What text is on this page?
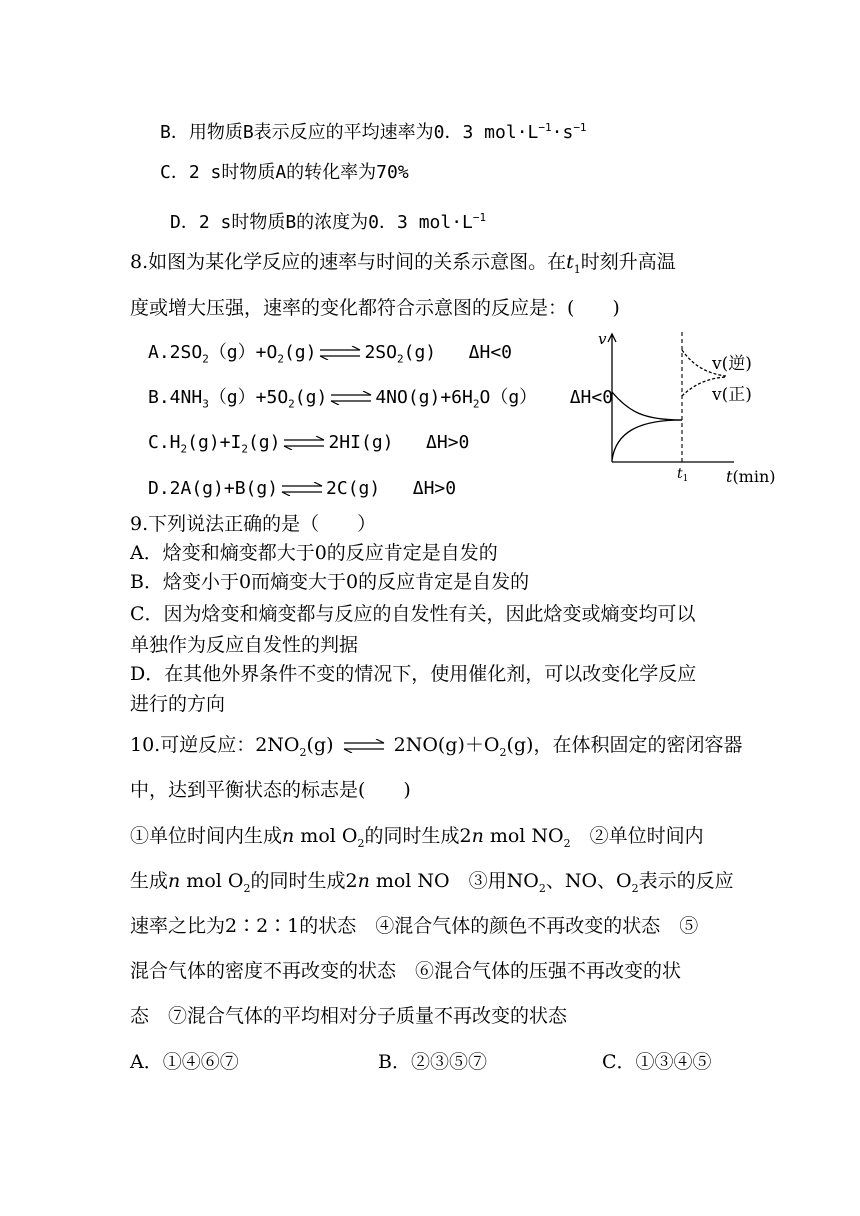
B．用物质B表示反应的平均速率为0．3 $mol\cdot L^{-1}\cdot s^{-1}$
C．2 s时物质A的转化率为70%
D．2 s时物质B的浓度为0．3 $mol\cdot L^{-1}$
8.如图为某化学反应的速率与时间的关系示意图。在$t_1$时刻升高温
度或增大压强，速率的变化都符合示意图的反应是：(　　)
$A.2SO_2(g)+O_2(g)$ ⇌ $2SO_2(g)$ ΔH<0
$B.4NH_3(g)+5O_2(g)$ ⇌ $4NO(g)+6H_2O(g)$ ΔH<0
$C.H_2(g)+I_2(g)$ ⇌ 2HI(g) ΔH>0
D.2A(g)+B(g) ⇌ 2C(g) ΔH>0
v
v(逆)
v(正)
$t_1$ t(min)
9.下列说法正确的是（　　）
A．焓变和熵变都大于0的反应肯定是自发的
B．焓变小于0而熵变大于0的反应肯定是自发的
C．因为焓变和熵变都与反应的自发性有关，因此焓变或熵变均可以
单独作为反应自发性的判据
D．在其他外界条件不变的情况下，使用催化剂，可以改变化学反应
进行的方向
10.可逆反应：$2NO_2(g)$ ⇌ $2NO(g)+O_2(g)$，在体积固定的密闭容器
中，达到平衡状态的标志是(　　)
①单位时间内生成n mol $O_2$的同时生成2n mol $NO_2$　②单位时间内
生成n mol $O_2$的同时生成2n mol NO　③用$NO_2$、NO、$O_2$表示的反应
速率之比为2∶2∶1的状态　④混合气体的颜色不再改变的状态　⑤
混合气体的密度不再改变的状态　⑥混合气体的压强不再改变的状
态　⑦混合气体的平均相对分子质量不再改变的状态
A．①④⑥⑦	B．②③⑤⑦	C．①③④⑤
